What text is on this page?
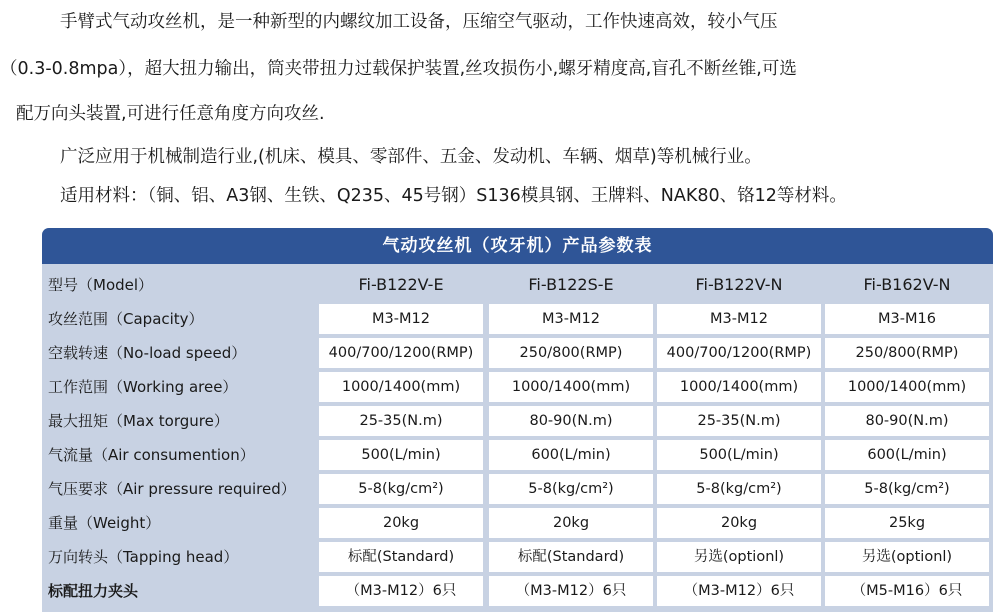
手臂式气动攻丝机，是一种新型的内螺纹加工设备，压缩空气驱动，工作快速高效，较小气压
（0.3-0.8mpa），超大扭力输出，筒夹带扭力过载保护装置,丝攻损伤小,螺牙精度高,盲孔不断丝锥,可选
配万向头装置,可进行任意角度方向攻丝.
广泛应用于机械制造行业,(机床、模具、零部件、五金、发动机、车辆、烟草)等机械行业。
适用材料：（铜、铝、A3钢、生铁、Q235、45号钢）S136模具钢、王牌料、NAK80、铬12等材料。
气动攻丝机（攻牙机）产品参数表
型号（Model）	Fi-B122V-E	Fi-B122S-E	Fi-B122V-N	Fi-B162V-N
攻丝范围（Capacity）	M3-M12	M3-M12	M3-M12	M3-M16
空载转速（No-load speed）	400/700/1200(RMP)	250/800(RMP)	400/700/1200(RMP)	250/800(RMP)
工作范围（Working aree）	1000/1400(mm)	1000/1400(mm)	1000/1400(mm)	1000/1400(mm)
最大扭矩（Max torgure）	25-35(N.m)	80-90(N.m)	25-35(N.m)	80-90(N.m)
气流量（Air consumention）	500(L/min)	600(L/min)	500(L/min)	600(L/min)
气压要求（Air pressure required）	5-8(kg/cm²)	5-8(kg/cm²)	5-8(kg/cm²)	5-8(kg/cm²)
重量（Weight）	20kg	20kg	20kg	25kg
万向转头（Tapping head）	标配(Standard)	标配(Standard)	另选(optionl)	另选(optionl)
标配扭力夹头	（M3-M12）6只	（M3-M12）6只	（M3-M12）6只	（M5-M16）6只
